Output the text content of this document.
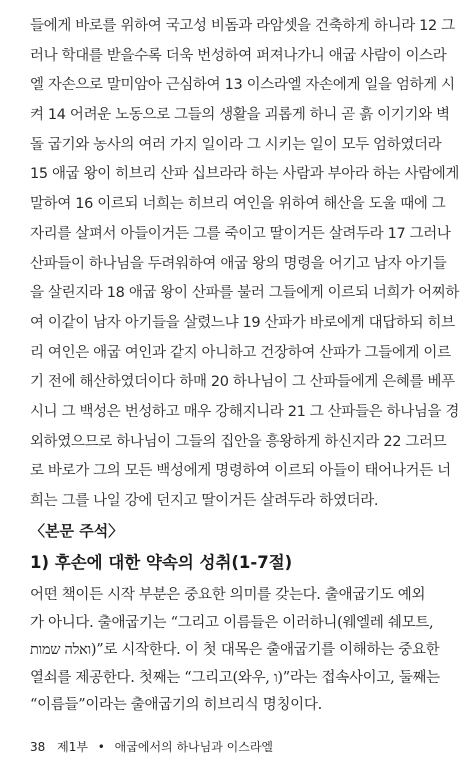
들에게 바로를 위하여 국고성 비돔과 라암셋을 건축하게 하니라 12 그
러나 학대를 받을수록 더욱 번성하여 퍼져나가니 애굽 사람이 이스라
엘 자손으로 말미암아 근심하여 13 이스라엘 자손에게 일을 엄하게 시
켜 14 어려운 노동으로 그들의 생활을 괴롭게 하니 곧 흙 이기기와 벽
돌 굽기와 농사의 여러 가지 일이라 그 시키는 일이 모두 엄하였더라
15 애굽 왕이 히브리 산파 십브라라 하는 사람과 부아라 하는 사람에게
말하여 16 이르되 너희는 히브리 여인을 위하여 해산을 도울 때에 그
자리를 살펴서 아들이거든 그를 죽이고 딸이거든 살려두라 17 그러나
산파들이 하나님을 두려워하여 애굽 왕의 명령을 어기고 남자 아기들
을 살린지라 18 애굽 왕이 산파를 불러 그들에게 이르되 너희가 어찌하
여 이같이 남자 아기들을 살렸느냐 19 산파가 바로에게 대답하되 히브
리 여인은 애굽 여인과 같지 아니하고 건장하여 산파가 그들에게 이르
기 전에 해산하였더이다 하매 20 하나님이 그 산파들에게 은혜를 베푸
시니 그 백성은 번성하고 매우 강해지니라 21 그 산파들은 하나님을 경
외하였으므로 하나님이 그들의 집안을 흥왕하게 하신지라 22 그러므
로 바로가 그의 모든 백성에게 명령하여 이르되 아들이 태어나거든 너
희는 그를 나일 강에 던지고 딸이거든 살려두라 하였더라.
〈본문 주석〉
1) 후손에 대한 약속의 성취(1-7절)
어떤 책이든 시작 부분은 중요한 의미를 갖는다. 출애굽기도 예외
가 아니다. 출애굽기는 “그리고 이름들은 이러하니(웨엘레 쉐모트,
ואלה שמות)”로 시작한다. 이 첫 대목은 출애굽기를 이해하는 중요한
열쇠를 제공한다. 첫째는 “그리고(와우, ו)”라는 접속사이고, 둘째는
“이름들”이라는 출애굽기의 히브리식 명칭이다.
38 제1부 • 애굽에서의 하나님과 이스라엘
